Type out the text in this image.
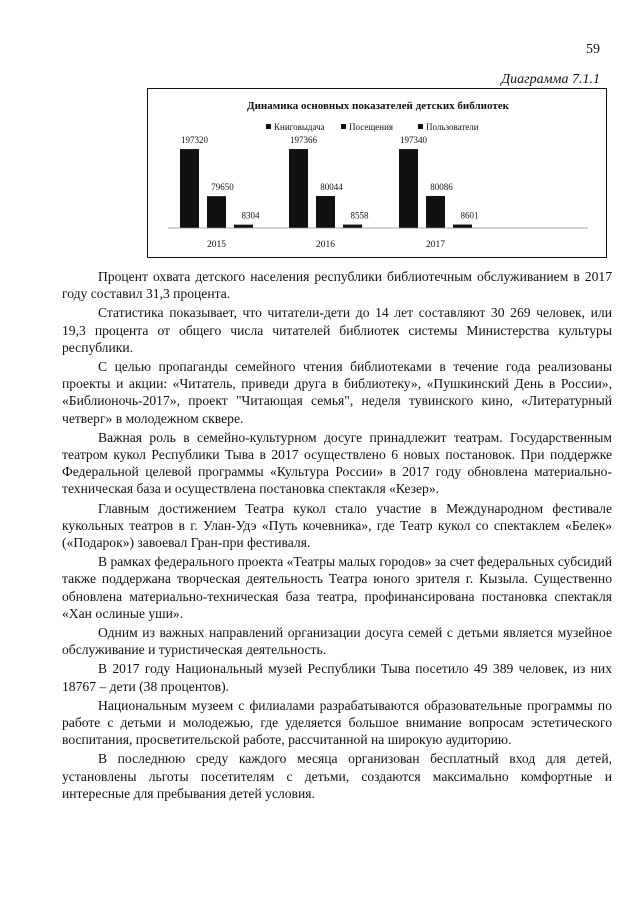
59
Диаграмма 7.1.1
Динамика основных показателей детских библиотек
Книговыдача	Посещения	Пользователи
197320
79650
8304
197366
80044
8558
197340
80086
8601
2015	2016	2017

Процент охвата детского населения республики библиотечным обслуживанием в 2017 году составил 31,3 процента.

Статистика показывает, что читатели-дети до 14 лет составляют 30 269 человек, или 19,3 процента от общего числа читателей библиотек системы Министерства культуры республики.

С целью пропаганды семейного чтения библиотеками в течение года реализованы проекты и акции: «Читатель, приведи друга в библиотеку», «Пушкинский День в России», «Библионочь-2017», проект "Читающая семья", неделя тувинского кино, «Литературный четверг» в молодежном сквере.

Важная роль в семейно-культурном досуге принадлежит театрам. Государственным театром кукол Республики Тыва в 2017 осуществлено 6 новых постановок. При поддержке Федеральной целевой программы «Культура России» в 2017 году обновлена материально-техническая база и осуществлена постановка спектакля «Кезер».

Главным достижением Театра кукол стало участие в Международном фестивале кукольных театров в г. Улан-Удэ «Путь кочевника», где Театр кукол со спектаклем «Белек» («Подарок») завоевал Гран-при фестиваля.

В рамках федерального проекта «Театры малых городов» за счет федеральных субсидий также поддержана творческая деятельность Театра юного зрителя г. Кызыла. Существенно обновлена материально-техническая база театра, профинансирована постановка спектакля «Хан ослиные уши».

Одним из важных направлений организации досуга семей с детьми является музейное обслуживание и туристическая деятельность.

В 2017 году Национальный музей Республики Тыва посетило 49 389 человек, из них 18767 – дети (38 процентов).

Национальным музеем с филиалами разрабатываются образовательные программы по работе с детьми и молодежью, где уделяется большое внимание вопросам эстетического воспитания, просветительской работе, рассчитанной на широкую аудиторию.

В последнюю среду каждого месяца организован бесплатный вход для детей, установлены льготы посетителям с детьми, создаются максимально комфортные и интересные для пребывания детей условия.
